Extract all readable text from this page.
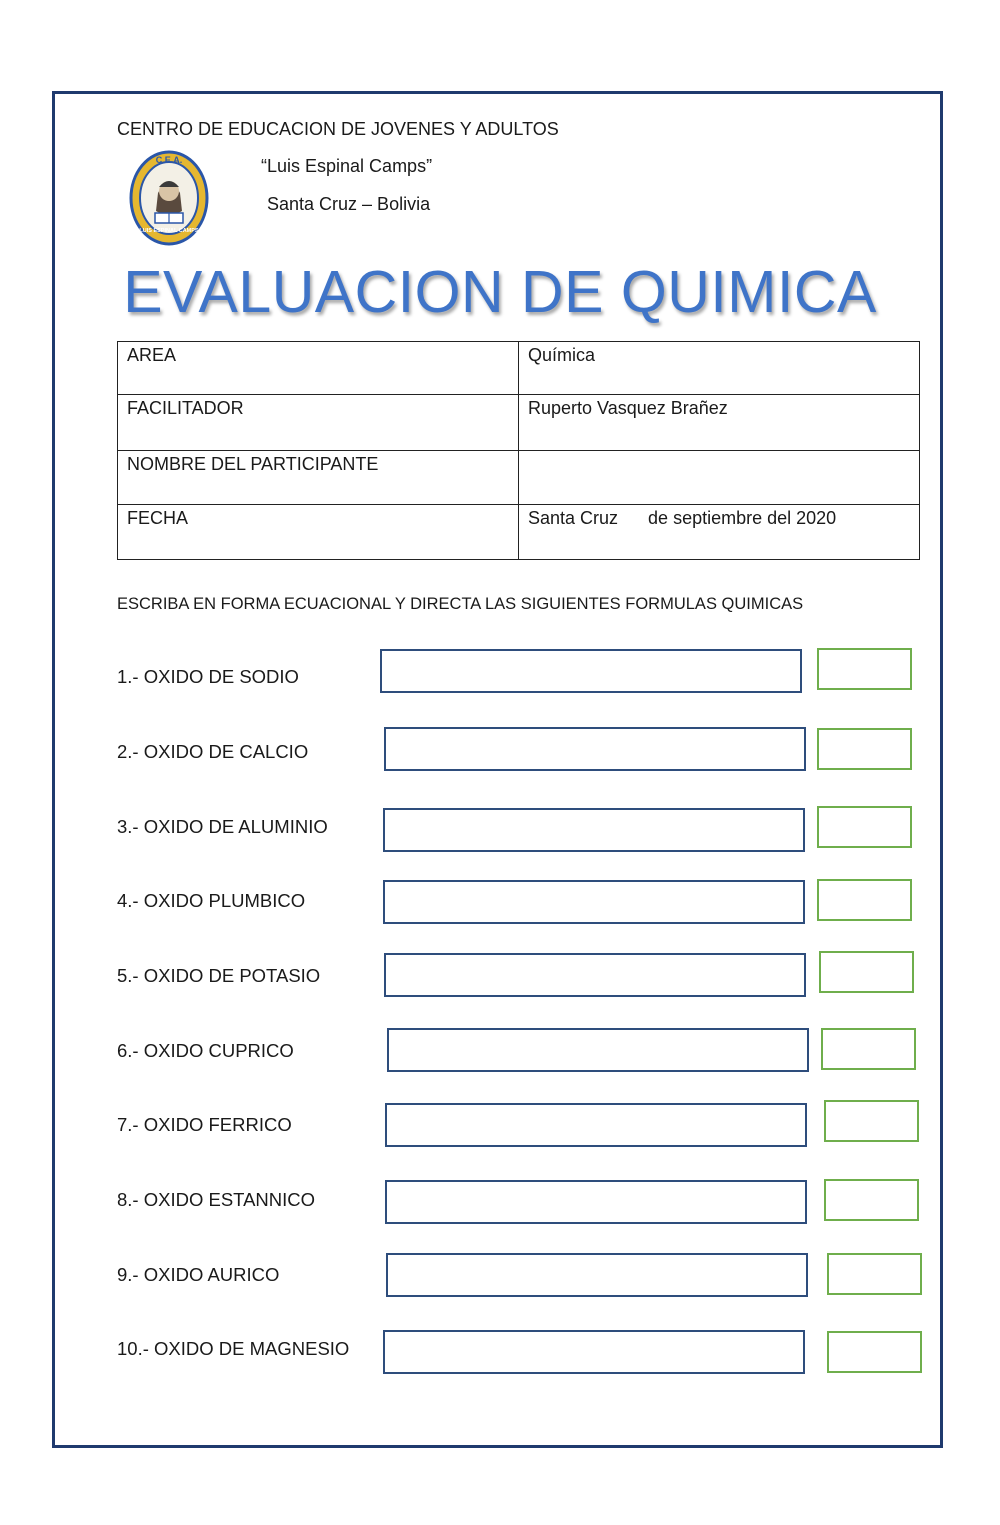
CENTRO DE EDUCACION DE JOVENES Y ADULTOS
C.E.A.
LUIS ESPINAL CAMPS
“Luis Espinal Camps”
Santa Cruz – Bolivia
EVALUACION DE QUIMICA
AREA	Química
FACILITADOR	Ruperto Vasquez Brañez
NOMBRE DEL PARTICIPANTE	
FECHA	Santa Cruz      de septiembre del 2020
ESCRIBA EN FORMA ECUACIONAL Y DIRECTA LAS SIGUIENTES FORMULAS QUIMICAS
1.- OXIDO DE SODIO
2.- OXIDO DE CALCIO
3.- OXIDO DE ALUMINIO
4.- OXIDO PLUMBICO
5.- OXIDO DE POTASIO
6.- OXIDO CUPRICO
7.- OXIDO FERRICO
8.- OXIDO ESTANNICO
9.- OXIDO AURICO
10.- OXIDO DE MAGNESIO
